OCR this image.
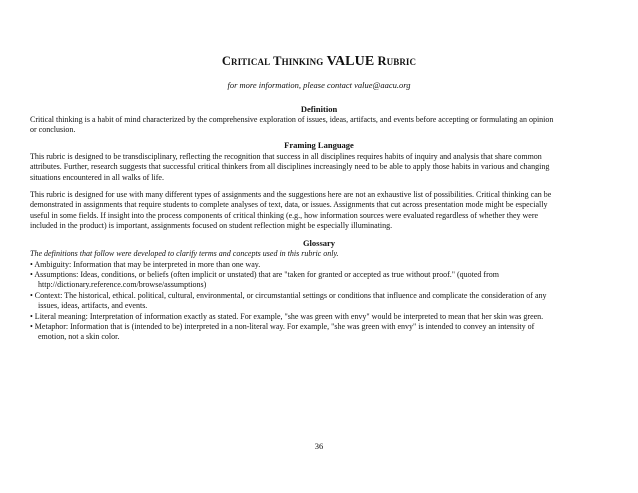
Critical Thinking VALUE Rubric
for more information, please contact value@aacu.org
Definition

Critical thinking is a habit of mind characterized by the comprehensive exploration of issues, ideas, artifacts, and events before accepting or formulating an opinion
or conclusion.

Framing Language

This rubric is designed to be transdisciplinary, reflecting the recognition that success in all disciplines requires habits of inquiry and analysis that share common
attributes. Further, research suggests that successful critical thinkers from all disciplines increasingly need to be able to apply those habits in various and changing
situations encountered in all walks of life.

This rubric is designed for use with many different types of assignments and the suggestions here are not an exhaustive list of possibilities. Critical thinking can be
demonstrated in assignments that require students to complete analyses of text, data, or issues. Assignments that cut across presentation mode might be especially
useful in some fields. If insight into the process components of critical thinking (e.g., how information sources were evaluated regardless of whether they were
included in the product) is important, assignments focused on student reflection might be especially illuminating.

Glossary

The definitions that follow were developed to clarify terms and concepts used in this rubric only.

• Ambiguity: Information that may be interpreted in more than one way.

• Assumptions: Ideas, conditions, or beliefs (often implicit or unstated) that are "taken for granted or accepted as true without proof." (quoted from
http://dictionary.reference.com/browse/assumptions)

• Context: The historical, ethical. political, cultural, environmental, or circumstantial settings or conditions that influence and complicate the consideration of any
issues, ideas, artifacts, and events.

• Literal meaning: Interpretation of information exactly as stated. For example, "she was green with envy" would be interpreted to mean that her skin was green.

• Metaphor: Information that is (intended to be) interpreted in a non-literal way. For example, "she was green with envy" is intended to convey an intensity of
emotion, not a skin color.

36
